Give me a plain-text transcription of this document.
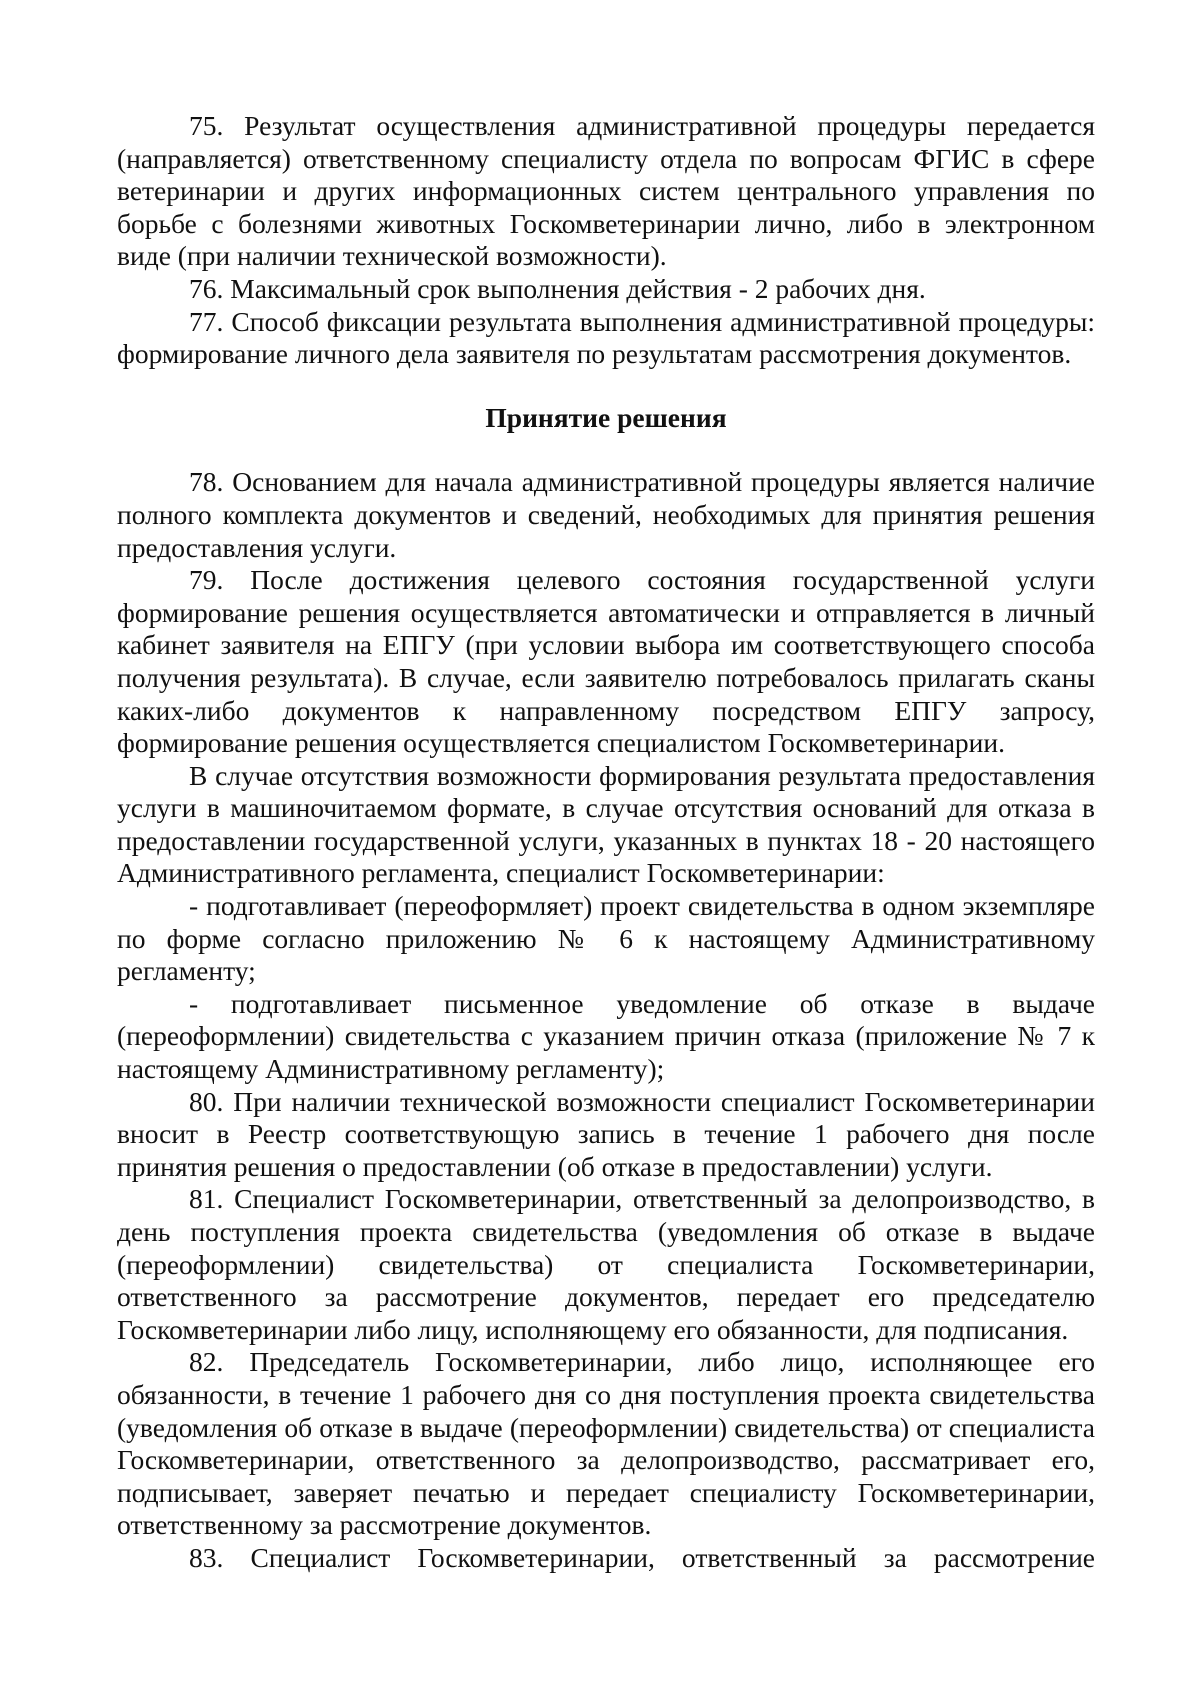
75. Результат осуществления административной процедуры передается (направляется) ответственному специалисту отдела по вопросам ФГИС в сфере ветеринарии и других информационных систем центрального управления по борьбе с болезнями животных Госкомветеринарии лично, либо в электронном виде (при наличии технической возможности).

76. Максимальный срок выполнения действия - 2 рабочих дня.

77. Способ фиксации результата выполнения административной процедуры: формирование личного дела заявителя по результатам рассмотрения документов.

Принятие решения

78. Основанием для начала административной процедуры является наличие полного комплекта документов и сведений, необходимых для принятия решения предоставления услуги.

79. После достижения целевого состояния государственной услуги формирование решения осуществляется автоматически и отправляется в личный кабинет заявителя на ЕПГУ (при условии выбора им соответствующего способа получения результата). В случае, если заявителю потребовалось прилагать сканы каких-либо документов к направленному посредством ЕПГУ запросу, формирование решения осуществляется специалистом Госкомветеринарии.

В случае отсутствия возможности формирования результата предоставления услуги в машиночитаемом формате, в случае отсутствия оснований для отказа в предоставлении государственной услуги, указанных в пунктах 18 - 20 настоящего Административного регламента, специалист Госкомветеринарии:

- подготавливает (переоформляет) проект свидетельства в одном экземпляре по форме согласно приложению № 6 к настоящему Административному регламенту;

- подготавливает письменное уведомление об отказе в выдаче (переоформлении) свидетельства с указанием причин отказа (приложение № 7 к настоящему Административному регламенту);

80. При наличии технической возможности специалист Госкомветеринарии вносит в Реестр соответствующую запись в течение 1 рабочего дня после принятия решения о предоставлении (об отказе в предоставлении) услуги.

81. Специалист Госкомветеринарии, ответственный за делопроизводство, в день поступления проекта свидетельства (уведомления об отказе в выдаче (переоформлении) свидетельства) от специалиста Госкомветеринарии, ответственного за рассмотрение документов, передает его председателю Госкомветеринарии либо лицу, исполняющему его обязанности, для подписания.

82. Председатель Госкомветеринарии, либо лицо, исполняющее его обязанности, в течение 1 рабочего дня со дня поступления проекта свидетельства (уведомления об отказе в выдаче (переоформлении) свидетельства) от специалиста Госкомветеринарии, ответственного за делопроизводство, рассматривает его, подписывает, заверяет печатью и передает специалисту Госкомветеринарии, ответственному за рассмотрение документов.

83. Специалист Госкомветеринарии, ответственный за рассмотрение
